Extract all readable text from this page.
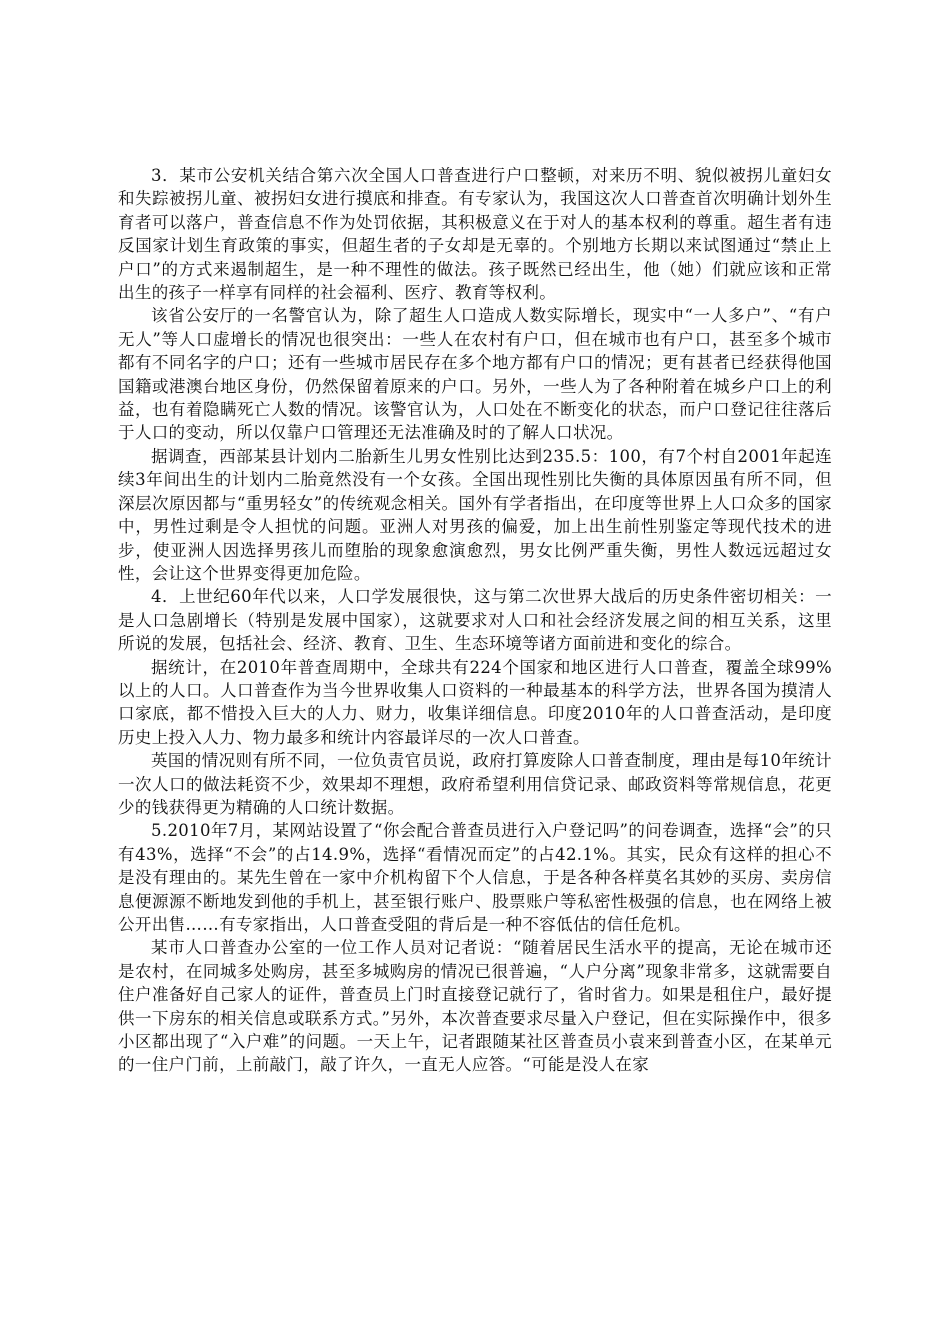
3．某市公安机关结合第六次全国人口普查进行户口整顿，对来历不明、貌似被拐儿童妇女和失踪被拐儿童、被拐妇女进行摸底和排查。有专家认为，我国这次人口普查首次明确计划外生育者可以落户，普查信息不作为处罚依据，其积极意义在于对人的基本权利的尊重。超生者有违反国家计划生育政策的事实，但超生者的子女却是无辜的。个别地方长期以来试图通过“禁止上户口”的方式来遏制超生，是一种不理性的做法。孩子既然已经出生，他（她）们就应该和正常出生的孩子一样享有同样的社会福利、医疗、教育等权利。

该省公安厅的一名警官认为，除了超生人口造成人数实际增长，现实中“一人多户”、“有户无人”等人口虚增长的情况也很突出：一些人在农村有户口，但在城市也有户口，甚至多个城市都有不同名字的户口；还有一些城市居民存在多个地方都有户口的情况；更有甚者已经获得他国国籍或港澳台地区身份，仍然保留着原来的户口。另外，一些人为了各种附着在城乡户口上的利益，也有着隐瞒死亡人数的情况。该警官认为，人口处在不断变化的状态，而户口登记往往落后于人口的变动，所以仅靠户口管理还无法准确及时的了解人口状况。

据调查，西部某县计划内二胎新生儿男女性别比达到235.5：100，有7个村自2001年起连续3年间出生的计划内二胎竟然没有一个女孩。全国出现性别比失衡的具体原因虽有所不同，但深层次原因都与“重男轻女”的传统观念相关。国外有学者指出，在印度等世界上人口众多的国家中，男性过剩是令人担忧的问题。亚洲人对男孩的偏爱，加上出生前性别鉴定等现代技术的进步，使亚洲人因选择男孩儿而堕胎的现象愈演愈烈，男女比例严重失衡，男性人数远远超过女性，会让这个世界变得更加危险。

4．上世纪60年代以来，人口学发展很快，这与第二次世界大战后的历史条件密切相关：一是人口急剧增长（特别是发展中国家），这就要求对人口和社会经济发展之间的相互关系，这里所说的发展，包括社会、经济、教育、卫生、生态环境等诸方面前进和变化的综合。

据统计，在2010年普查周期中，全球共有224个国家和地区进行人口普查，覆盖全球99%以上的人口。人口普查作为当今世界收集人口资料的一种最基本的科学方法，世界各国为摸清人口家底，都不惜投入巨大的人力、财力，收集详细信息。印度2010年的人口普查活动，是印度历史上投入人力、物力最多和统计内容最详尽的一次人口普查。

英国的情况则有所不同，一位负责官员说，政府打算废除人口普查制度，理由是每10年统计一次人口的做法耗资不少，效果却不理想，政府希望利用信贷记录、邮政资料等常规信息，花更少的钱获得更为精确的人口统计数据。

5.2010年7月，某网站设置了“你会配合普查员进行入户登记吗”的问卷调查，选择“会”的只有43%，选择“不会”的占14.9%，选择“看情况而定”的占42.1%。其实，民众有这样的担心不是没有理由的。某先生曾在一家中介机构留下个人信息，于是各种各样莫名其妙的买房、卖房信息便源源不断地发到他的手机上，甚至银行账户、股票账户等私密性极强的信息，也在网络上被公开出售……有专家指出，人口普查受阻的背后是一种不容低估的信任危机。

某市人口普查办公室的一位工作人员对记者说：“随着居民生活水平的提高，无论在城市还是农村，在同城多处购房，甚至多城购房的情况已很普遍，“人户分离”现象非常多，这就需要自住户准备好自己家人的证件，普查员上门时直接登记就行了，省时省力。如果是租住户，最好提供一下房东的相关信息或联系方式。”另外，本次普查要求尽量入户登记，但在实际操作中，很多小区都出现了“入户难”的问题。一天上午，记者跟随某社区普查员小袁来到普查小区，在某单元的一住户门前，上前敲门，敲了许久，一直无人应答。“可能是没人在家
